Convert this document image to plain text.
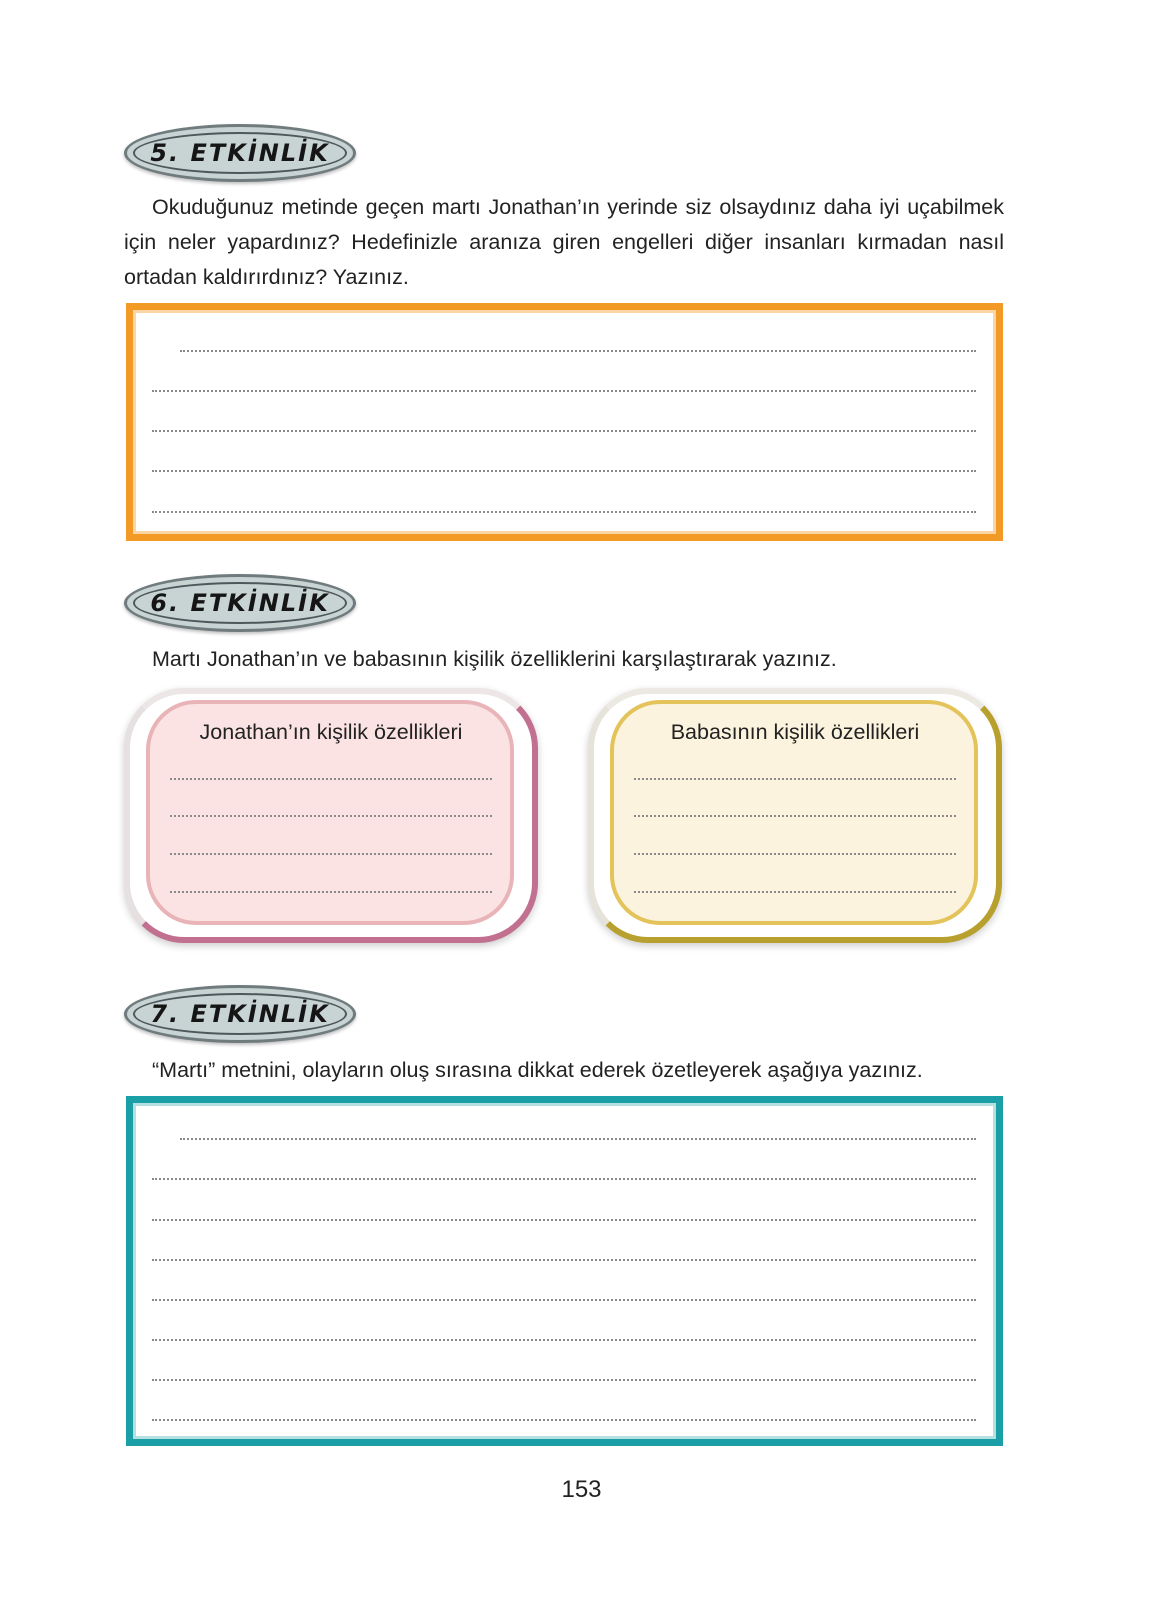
5. ETKİNLİK
Okuduğunuz metinde geçen martı Jonathan’ın yerinde siz olsaydınız daha iyi uçabilmek için neler yapardınız? Hedefinizle aranıza giren engelleri diğer insanları kırmadan nasıl ortadan kaldırırdınız? Yazınız.
6. ETKİNLİK
Martı Jonathan’ın ve babasının kişilik özelliklerini karşılaştırarak yazınız.
Jonathan’ın kişilik özellikleri	Babasının kişilik özellikleri
7. ETKİNLİK
“Martı” metnini, olayların oluş sırasına dikkat ederek özetleyerek aşağıya yazınız.
153
